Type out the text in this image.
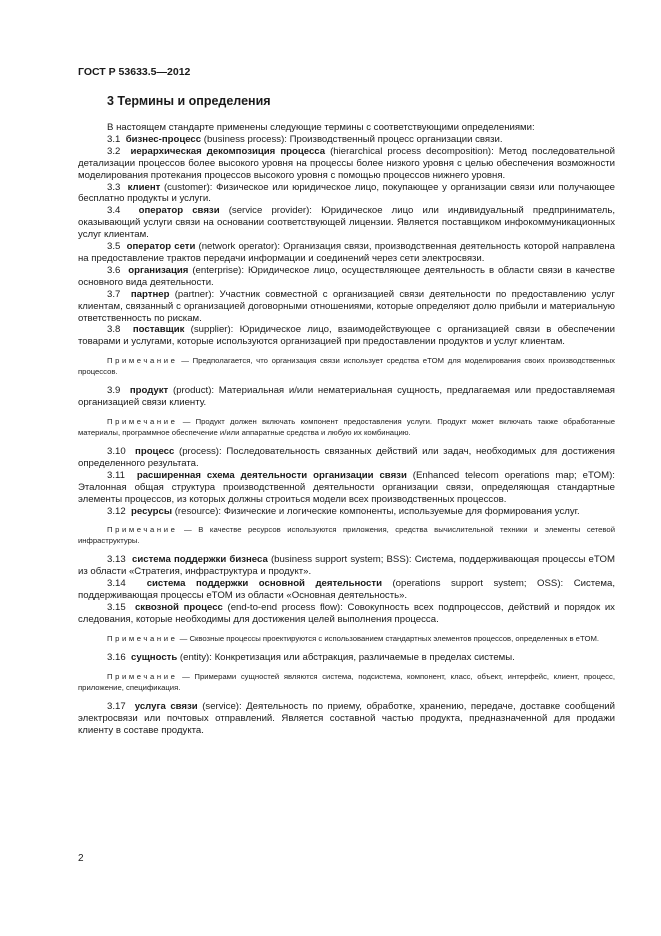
ГОСТ Р 53633.5—2012
3 Термины и определения

В настоящем стандарте применены следующие термины с соответствующими определениями:

3.1 бизнес-процесс (business process): Производственный процесс организации связи.

3.2 иерархическая декомпозиция процесса (hierarchical process decomposition): Метод последовательной детализации процессов более высокого уровня на процессы более низкого уровня с целью обеспечения возможности моделирования протекания процессов высокого уровня с помощью процессов нижнего уровня.

3.3 клиент (customer): Физическое или юридическое лицо, покупающее у организации связи или получающее бесплатно продукты и услуги.

3.4 оператор связи (service provider): Юридическое лицо или индивидуальный предприниматель, оказывающий услуги связи на основании соответствующей лицензии. Является поставщиком инфокоммуникационных услуг клиентам.

3.5 оператор сети (network operator): Организация связи, производственная деятельность которой направлена на предоставление трактов передачи информации и соединений через сети электросвязи.

3.6 организация (enterprise): Юридическое лицо, осуществляющее деятельность в области связи в качестве основного вида деятельности.

3.7 партнер (partner): Участник совместной с организацией связи деятельности по предоставлению услуг клиентам, связанный с организацией договорными отношениями, которые определяют долю прибыли и материальную ответственность по рискам.

3.8 поставщик (supplier): Юридическое лицо, взаимодействующее с организацией связи в обеспечении товарами и услугами, которые используются организацией при предоставлении продуктов и услуг клиентам.

Примечание — Предполагается, что организация связи использует средства eTOM для моделирования своих производственных процессов.

3.9 продукт (product): Материальная и/или нематериальная сущность, предлагаемая или предоставляемая организацией связи клиенту.

Примечание — Продукт должен включать компонент предоставления услуги. Продукт может включать также обработанные материалы, программное обеспечение и/или аппаратные средства и любую их комбинацию.

3.10 процесс (process): Последовательность связанных действий или задач, необходимых для достижения определенного результата.

3.11 расширенная схема деятельности организации связи (Enhanced telecom operations map; eTOM): Эталонная общая структура производственной деятельности организации связи, определяющая стандартные элементы процессов, из которых должны строиться модели всех производственных процессов.

3.12 ресурсы (resource): Физические и логические компоненты, используемые для формирования услуг.

Примечание — В качестве ресурсов используются приложения, средства вычислительной техники и элементы сетевой инфраструктуры.

3.13 система поддержки бизнеса (business support system; BSS): Система, поддерживающая процессы eTOM из области «Стратегия, инфраструктура и продукт».

3.14 система поддержки основной деятельности (operations support system; OSS): Система, поддерживающая процессы eTOM из области «Основная деятельность».

3.15 сквозной процесс (end-to-end process flow): Совокупность всех подпроцессов, действий и порядок их следования, которые необходимы для достижения целей выполнения процесса.

Примечание — Сквозные процессы проектируются с использованием стандартных элементов процессов, определенных в eTOM.

3.16 сущность (entity): Конкретизация или абстракция, различаемые в пределах системы.

Примечание — Примерами сущностей являются система, подсистема, компонент, класс, объект, интерфейс, клиент, процесс, приложение, спецификация.

3.17 услуга связи (service): Деятельность по приему, обработке, хранению, передаче, доставке сообщений электросвязи или почтовых отправлений. Является составной частью продукта, предназначенной для продажи клиенту в составе продукта.

2
